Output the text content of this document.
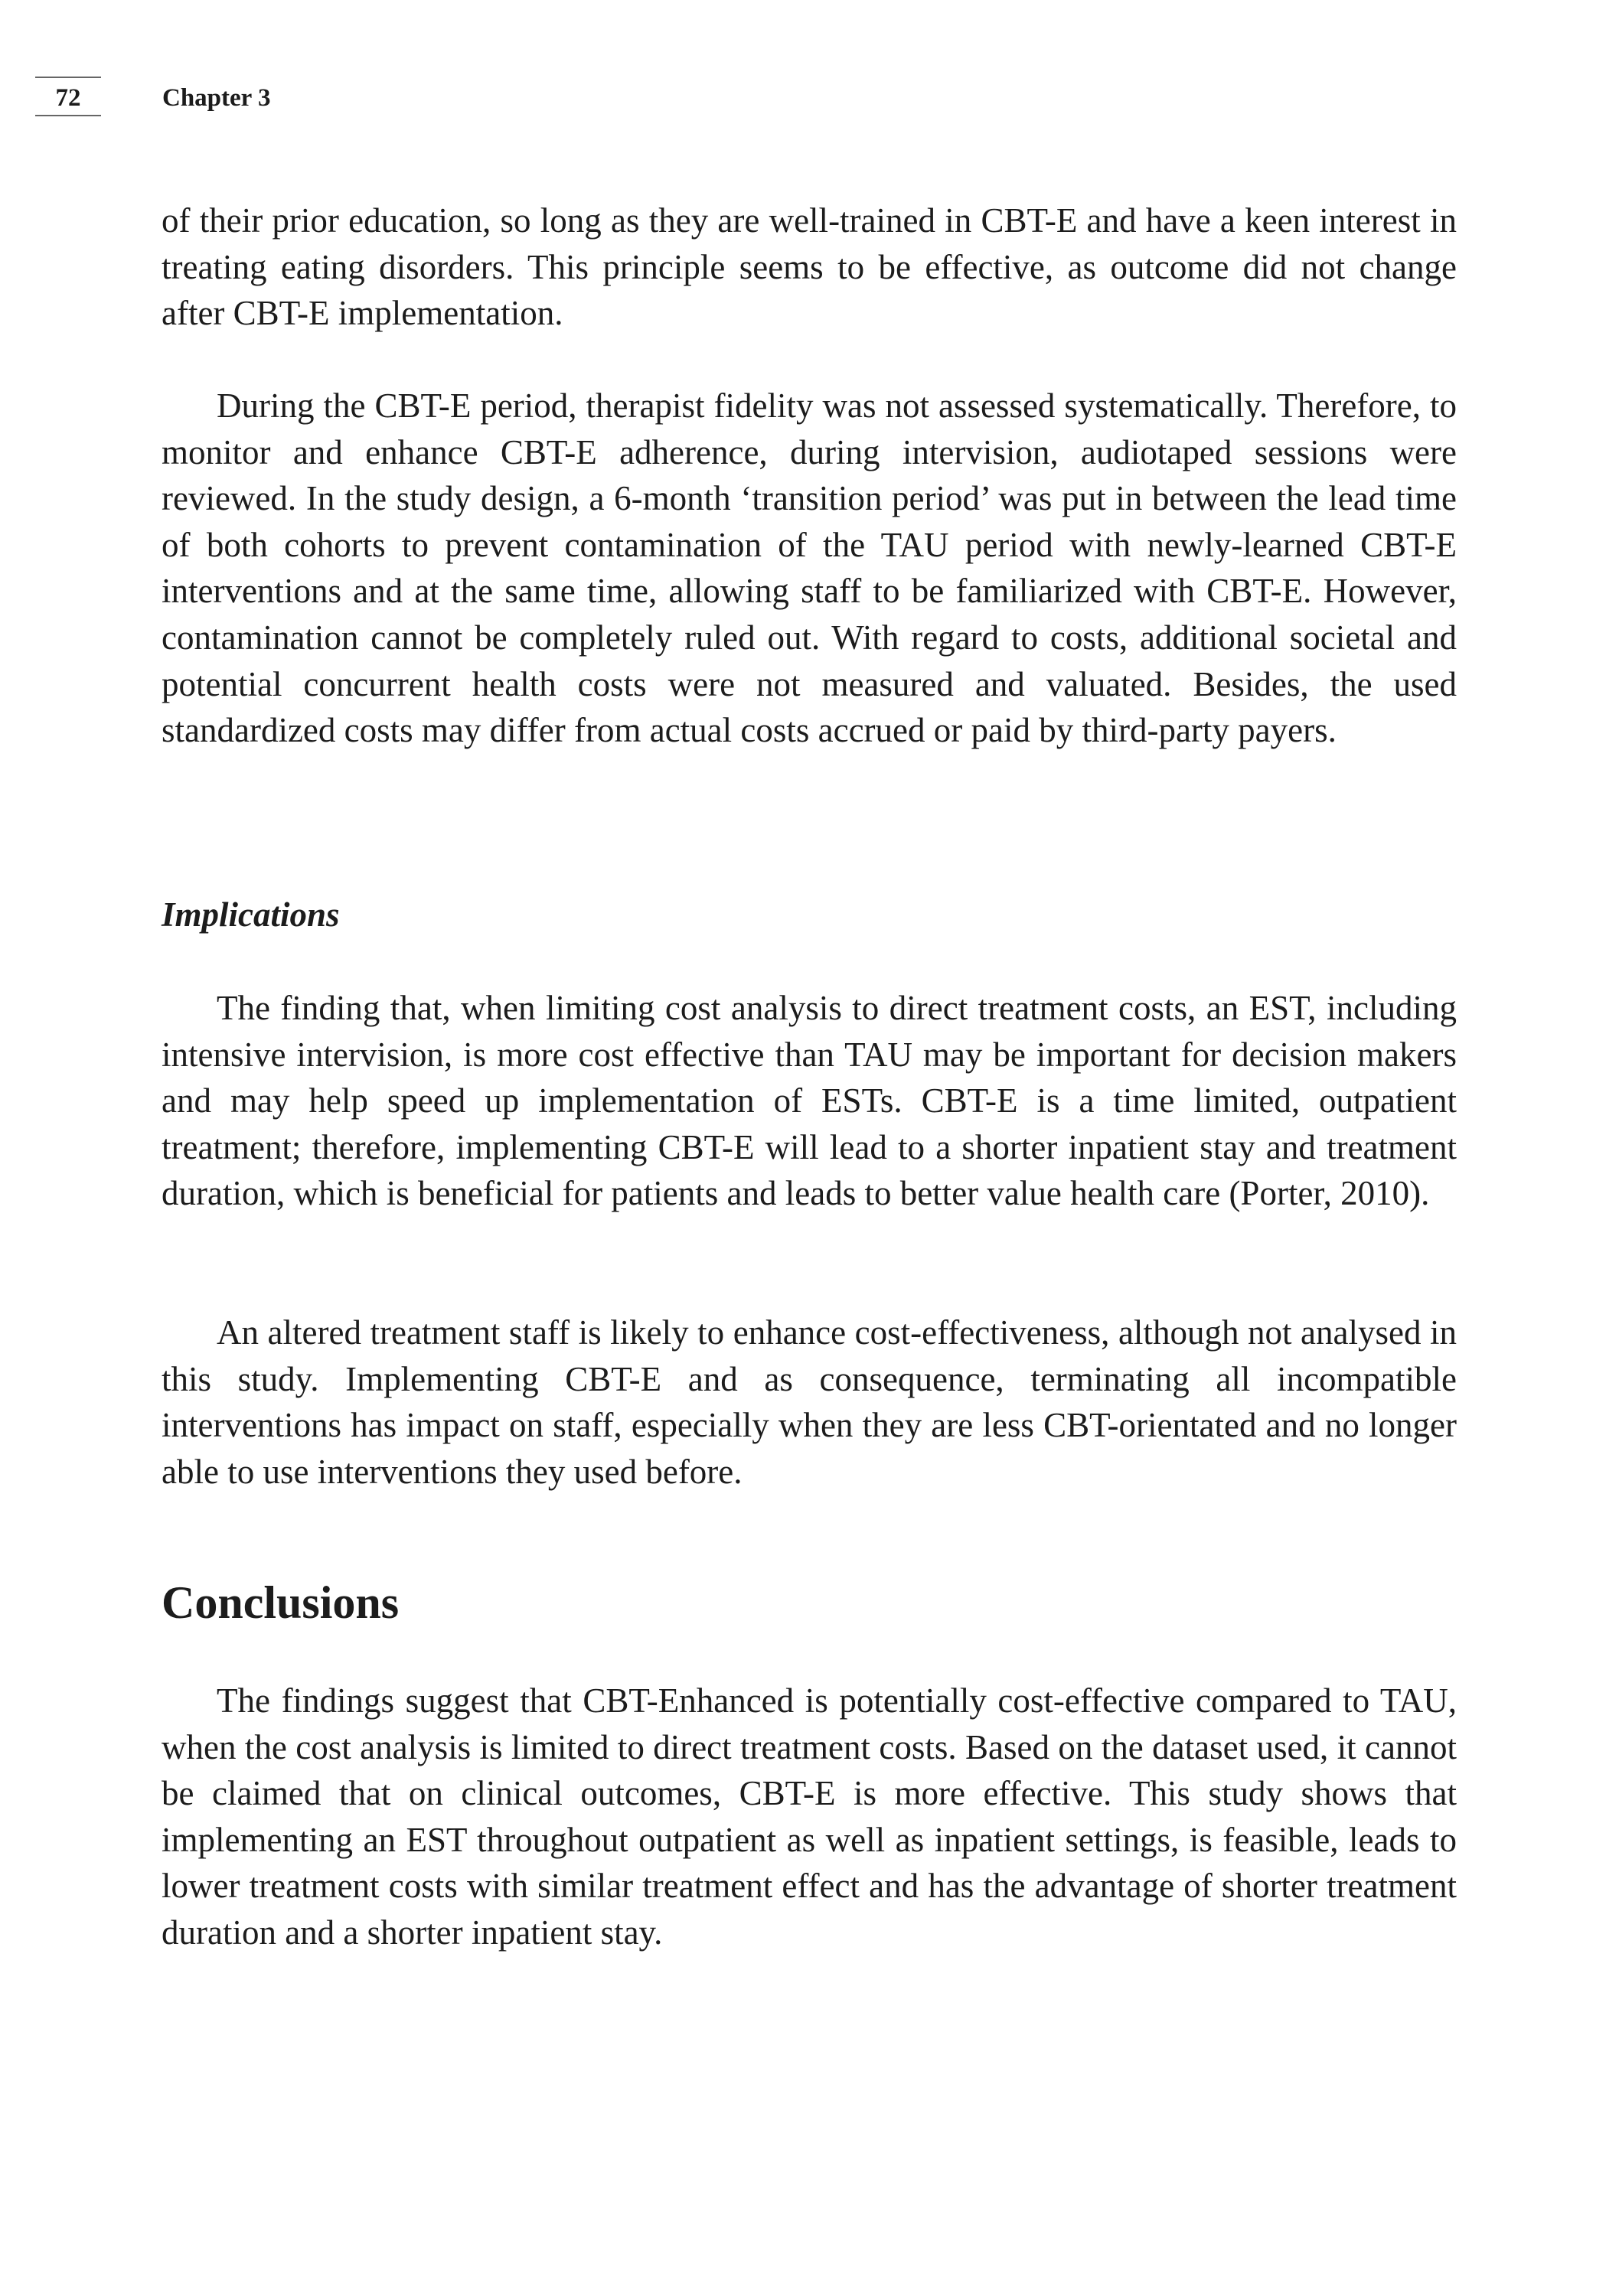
72	Chapter 3

of their prior education, so long as they are well-trained in CBT-E and have a keen interest in treating eating disorders. This principle seems to be effective, as outcome did not change after CBT-E implementation.

During the CBT-E period, therapist fidelity was not assessed systematically. Therefore, to monitor and enhance CBT-E adherence, during intervision, audiotaped sessions were reviewed. In the study design, a 6-month ‘transition period’ was put in between the lead time of both cohorts to prevent contamination of the TAU period with newly-learned CBT-E interventions and at the same time, allowing staff to be familiarized with CBT-E. However, contamination cannot be completely ruled out. With regard to costs, additional societal and potential concurrent health costs were not measured and valuated. Besides, the used standardized costs may differ from actual costs accrued or paid by third-party payers.

Implications

The finding that, when limiting cost analysis to direct treatment costs, an EST, including intensive intervision, is more cost effective than TAU may be important for decision makers and may help speed up implementation of ESTs. CBT-E is a time limited, outpatient treatment; therefore, implementing CBT-E will lead to a shorter inpatient stay and treatment duration, which is beneficial for patients and leads to better value health care (Porter, 2010).

An altered treatment staff is likely to enhance cost-effectiveness, although not analysed in this study. Implementing CBT-E and as consequence, terminating all incompatible interventions has impact on staff, especially when they are less CBT-orientated and no longer able to use interventions they used before.

Conclusions

The findings suggest that CBT-Enhanced is potentially cost-effective compared to TAU, when the cost analysis is limited to direct treatment costs. Based on the dataset used, it cannot be claimed that on clinical outcomes, CBT-E is more effective. This study shows that implementing an EST throughout outpatient as well as inpatient settings, is feasible, leads to lower treatment costs with similar treatment effect and has the advantage of shorter treatment duration and a shorter inpatient stay.
